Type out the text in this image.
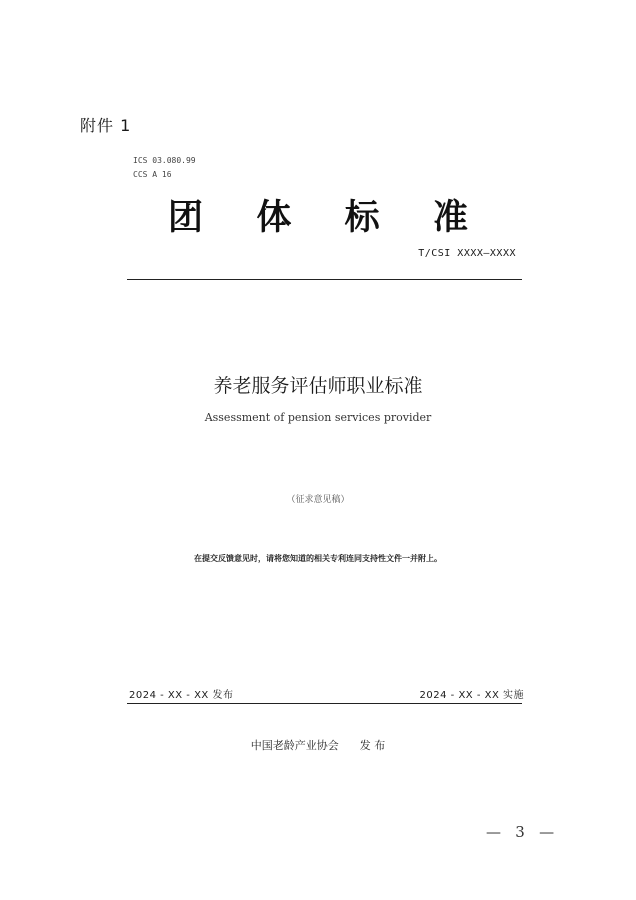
附件 1
ICS 03.080.99
CCS A 16
团 体 标 准
T/CSI XXXX—XXXX
养老服务评估师职业标准
Assessment of pension services provider
（征求意见稿）
在提交反馈意见时，请将您知道的相关专利连同支持性文件一并附上。
2024 - XX - XX 发布	2024 - XX - XX 实施
中国老龄产业协会      发 布
—   3   —
